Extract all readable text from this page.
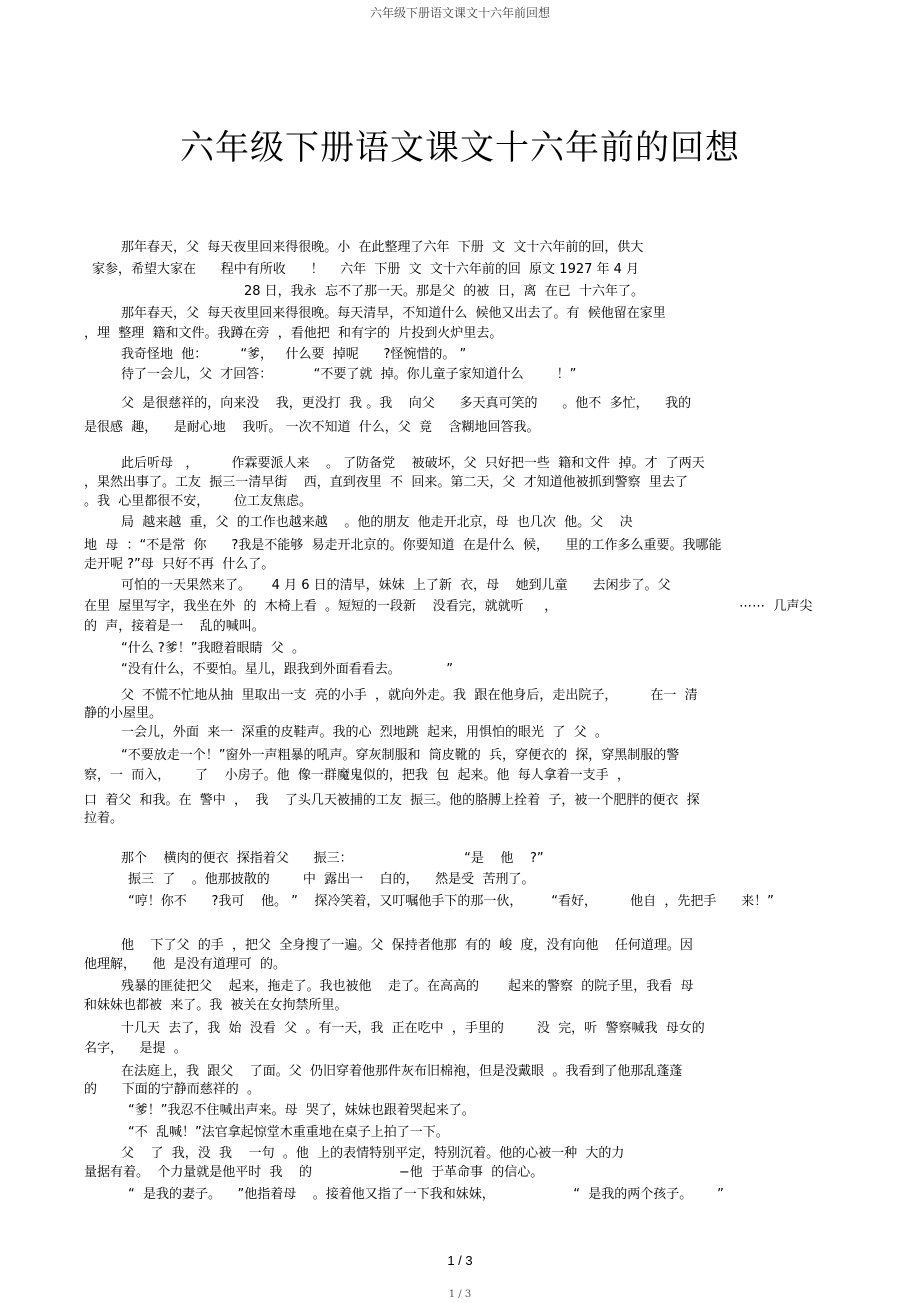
六年级下册语文课文十六年前回想
六年级下册语文课文十六年前的回想
那年春天，父  每天夜里回来得很晚。小  在此整理了六年  下册  文  文十六年前的回，供大
家参，希望大家在      程中有所收      ！    六年  下册  文  文十六年前的回  原文 1927 年 4 月
28 日，我永  忘不了那一天。那是父  的被  日，离  在已  十六年了。
那年春天，父  每天夜里回来得很晚。每天清早，不知道什么  候他又出去了。有  候他留在家里
，埋  整理  籍和文件。我蹲在旁  ，看他把  和有字的  片投到火炉里去。
我奇怪地  他：        “爹，   什么要  掉呢      ?怪惋惜的。 ”
待了一会儿，父  才回答：          “不要了就  掉。你儿童子家知道什么        ！”
父  是很慈祥的，向来没    我，更没打  我 。我    向父      多天真可笑的      。他不  多忙，    我的
是很感  趣，    是耐心地    我听。 一次不知道  什么，父  竟    含糊地回答我。
此后听母   ，        作霖要派人来    。 了防备党    被破坏，父  只好把一些  籍和文件  掉。才  了两天
，果然出事了。工友  振三一清早街    西，直到夜里  不  回来。第二天，父  才知道他被抓到警察  里去了
。我  心里都很不安，      位工友焦虑。
局  越来越  重，父  的工作也越来越    。他的朋友  他走开北京，母  也几次  他。父    决
地  母  ：“不是常  你      ?我是不能够  易走开北京的。你要知道  在是什么  候，    里的工作多么重要。我哪能
走开呢 ?”母  只好不再  什么了。
可怕的一天果然来了。     4 月 6 日的清早，妹妹  上了新  衣，母    她到儿童      去闲步了。父
在里  屋里写字，我坐在外  的  木椅上看  。短短的一段新    没看完，就就听     ，                                            ⋯⋯  几声尖
的  声，接着是一    乱的喊叫。
“什么 ?爹！”我瞪着眼睛  父  。
“没有什么，不要怕。星儿，跟我到外面看看去。           ”
父  不慌不忙地从抽  里取出一支  亮的小手  ，就向外走。我  跟在他身后，走出院子，        在一  清
静的小屋里。
一会儿，外面  来一  深重的皮鞋声。我的心  烈地跳  起来，用惧怕的眼光  了  父  。
“不要放走一个！”窗外一声粗暴的吼声。穿灰制服和  筒皮靴的  兵，穿便衣的  探，穿黑制服的警
察，一  而入，      了    小房子。他  像一群魔鬼似的，把我  包  起来。他  每人拿着一支手  ，
口  着父  和我。在  警中  ，  我    了头几天被捕的工友  振三。他的胳膊上拴着  子，被一个肥胖的便衣  探
拉着。
那个    横肉的便衣  探指着父      振三：                           “是    他    ?”
振三  了    。他那披散的        中  露出一    白的，    然是受  苦刑了。
“哼！你不      ?我可    他。 ”    探冷笑着，又叮嘱他手下的那一伙，       “看好，        他自  ，先把手      来！”
他    下了父  的手  ，把父  全身搜了一遍。父  保持者他那  有的  峻  度，没有向他    任何道理。因
他理解，    他  是没有道理可  的。
残暴的匪徒把父    起来，拖走了。我也被他    走了。在高高的       起来的警察  的院子里，我看  母
和妹妹也都被  来了。我  被关在女拘禁所里。
十几天  去了，我  始  没看  父  。有一天，我  正在吃中  ，手里的        没  完，听  警察喊我  母女的
名字，    是提  。
在法庭上，我  跟父    了面。父  仍旧穿着他那件灰布旧棉袍，但是没戴眼  。我看到了他那乱蓬蓬
的      下面的宁静而慈祥的  。
“爹！”我忍不住喊出声来。母  哭了，妹妹也跟着哭起来了。
“不  乱喊！”法官拿起惊堂木重重地在桌子上拍了一下。
父    了  我，没  我    一句  。他  上的表情特别平定，特别沉着。他的心被一种  大的力
量据有着。  个力量就是他平时  我    的                     −他  于革命事  的信心。
“  是我的妻子。    ”他指着母    。接着他又指了一下我和妹妹，                   “  是我的两个孩子。      ”
1 / 3
1 / 3
